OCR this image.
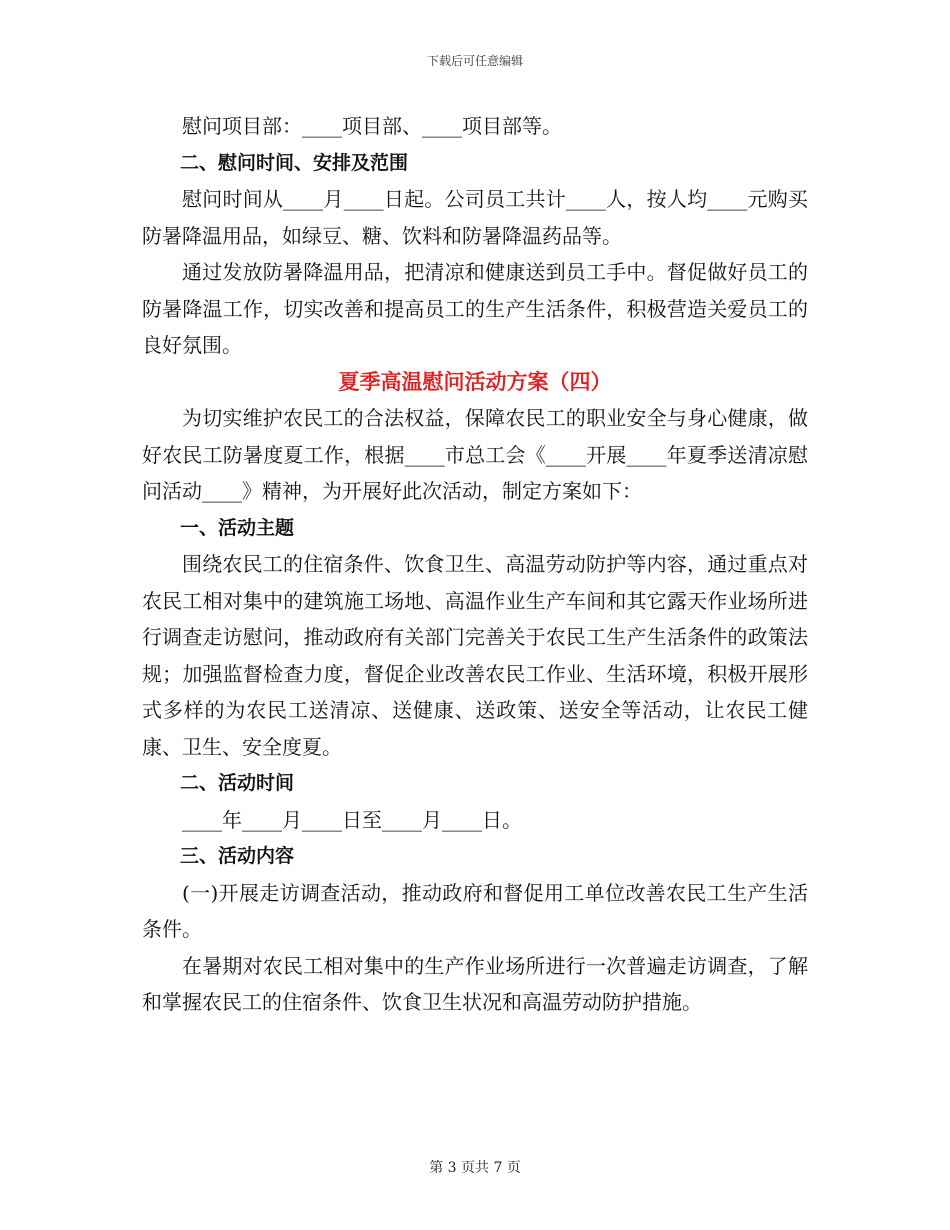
下载后可任意编辑

慰问项目部：____项目部、____项目部等。

二、慰问时间、安排及范围

慰问时间从____月____日起。公司员工共计____人，按人均____元购买防暑降温用品，如绿豆、糖、饮料和防暑降温药品等。

通过发放防暑降温用品，把清凉和健康送到员工手中。督促做好员工的防暑降温工作，切实改善和提高员工的生产生活条件，积极营造关爱员工的良好氛围。

夏季高温慰问活动方案（四）

为切实维护农民工的合法权益，保障农民工的职业安全与身心健康，做好农民工防暑度夏工作，根据____市总工会《____开展____年夏季送清凉慰问活动____》精神，为开展好此次活动，制定方案如下：

一、活动主题

围绕农民工的住宿条件、饮食卫生、高温劳动防护等内容，通过重点对农民工相对集中的建筑施工场地、高温作业生产车间和其它露天作业场所进行调查走访慰问，推动政府有关部门完善关于农民工生产生活条件的政策法规；加强监督检查力度，督促企业改善农民工作业、生活环境，积极开展形式多样的为农民工送清凉、送健康、送政策、送安全等活动，让农民工健康、卫生、安全度夏。

二、活动时间

____年____月____日至____月____日。

三、活动内容

(一)开展走访调查活动，推动政府和督促用工单位改善农民工生产生活条件。

在暑期对农民工相对集中的生产作业场所进行一次普遍走访调查，了解和掌握农民工的住宿条件、饮食卫生状况和高温劳动防护措施。

第 3 页共 7 页
